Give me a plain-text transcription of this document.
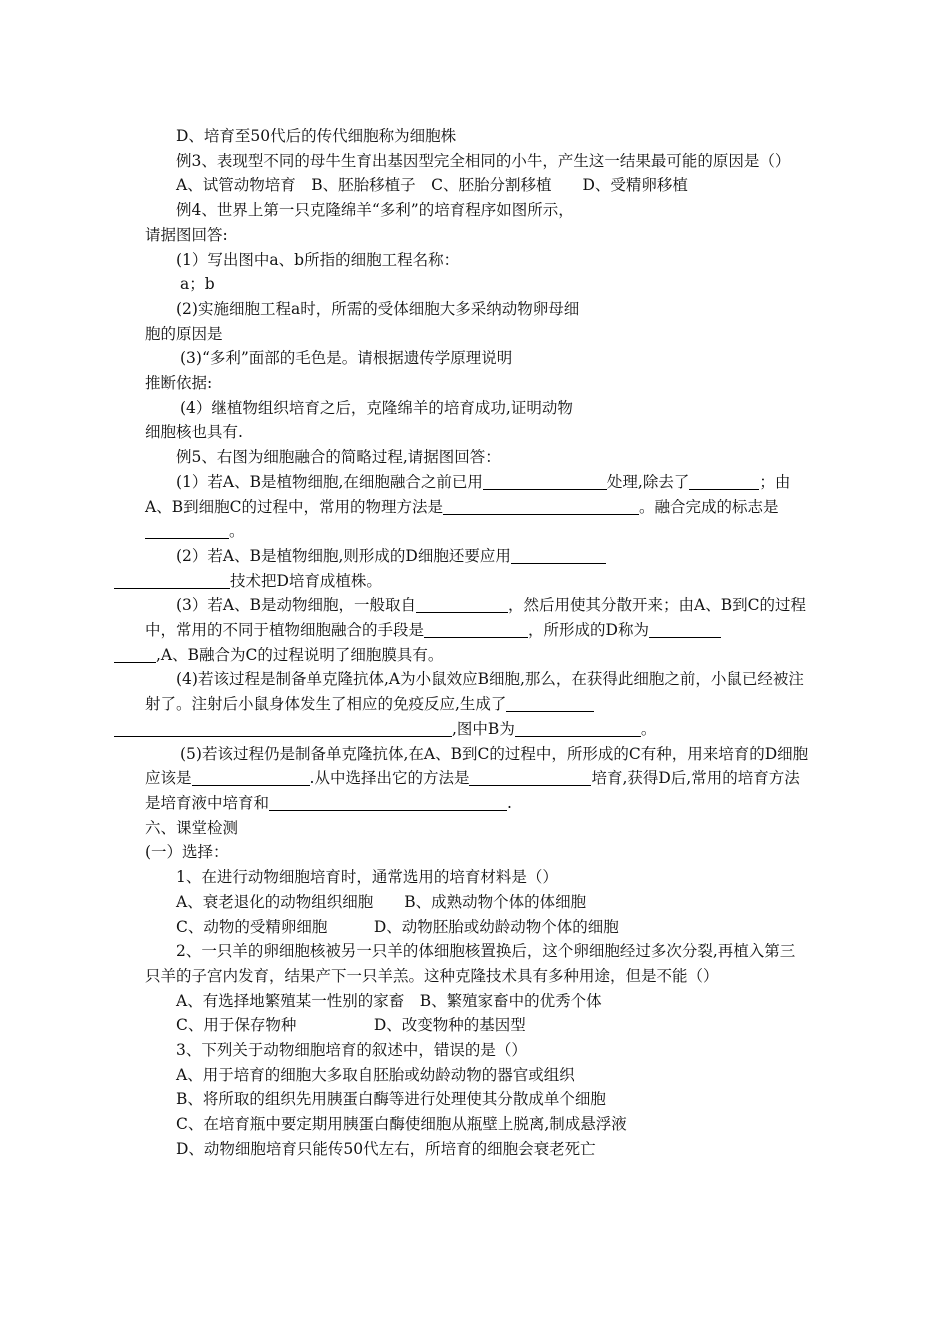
D、培育至50代后的传代细胞称为细胞株

例3、表现型不同的母牛生育出基因型完全相同的小牛，产生这一结果最可能的原因是（）

A、试管动物培育　B、胚胎移植子　C、胚胎分割移植　　D、受精卵移植

例4、世界上第一只克隆绵羊“多利”的培育程序如图所示，

请据图回答:

(1）写出图中a、b所指的细胞工程名称：

a；b

(2)实施细胞工程a时，所需的受体细胞大多采纳动物卵母细

胞的原因是

(3)“多利”面部的毛色是。请根据遗传学原理说明

推断依据:

(4）继植物组织培育之后，克隆绵羊的培育成功,证明动物

细胞核也具有.

例5、右图为细胞融合的简略过程,请据图回答：

(1）若A、B是植物细胞,在细胞融合之前已用	处理,除去了	；由A、B到细胞C的过程中，常用的物理方法是	。融合完成的标志是。

(2）若A、B是植物细胞,则形成的D细胞还要应用
技术把D培育成植株。

(3）若A、B是动物细胞，一般取自	，然后用使其分散开来；由A、B到C的过程中，常用的不同于植物细胞融合的手段是	，所形成的D称为
,A、B融合为C的过程说明了细胞膜具有。

(4)若该过程是制备单克隆抗体,A为小鼠效应B细胞,那么，在获得此细胞之前，小鼠已经被注射了。注射后小鼠身体发生了相应的免疫反应,生成了
,图中B为	。

(5)若该过程仍是制备单克隆抗体,在A、B到C的过程中，所形成的C有种，用来培育的D细胞应该是	.从中选择出它的方法是	培育,获得D后,常用的培育方法是培育液中培育和	.

六、课堂检测

(一）选择：

1、在进行动物细胞培育时，通常选用的培育材料是（）

A、衰老退化的动物组织细胞　　B、成熟动物个体的体细胞

C、动物的受精卵细胞　　　D、动物胚胎或幼龄动物个体的细胞

2、一只羊的卵细胞核被另一只羊的体细胞核置换后，这个卵细胞经过多次分裂,再植入第三只羊的子宫内发育，结果产下一只羊羔。这种克隆技术具有多种用途，但是不能（）

A、有选择地繁殖某一性别的家畜　B、繁殖家畜中的优秀个体

C、用于保存物种　　　　　D、改变物种的基因型

3、下列关于动物细胞培育的叙述中，错误的是（）

A、用于培育的细胞大多取自胚胎或幼龄动物的器官或组织

B、将所取的组织先用胰蛋白酶等进行处理使其分散成单个细胞

C、在培育瓶中要定期用胰蛋白酶使细胞从瓶壁上脱离,制成悬浮液

D、动物细胞培育只能传50代左右，所培育的细胞会衰老死亡
